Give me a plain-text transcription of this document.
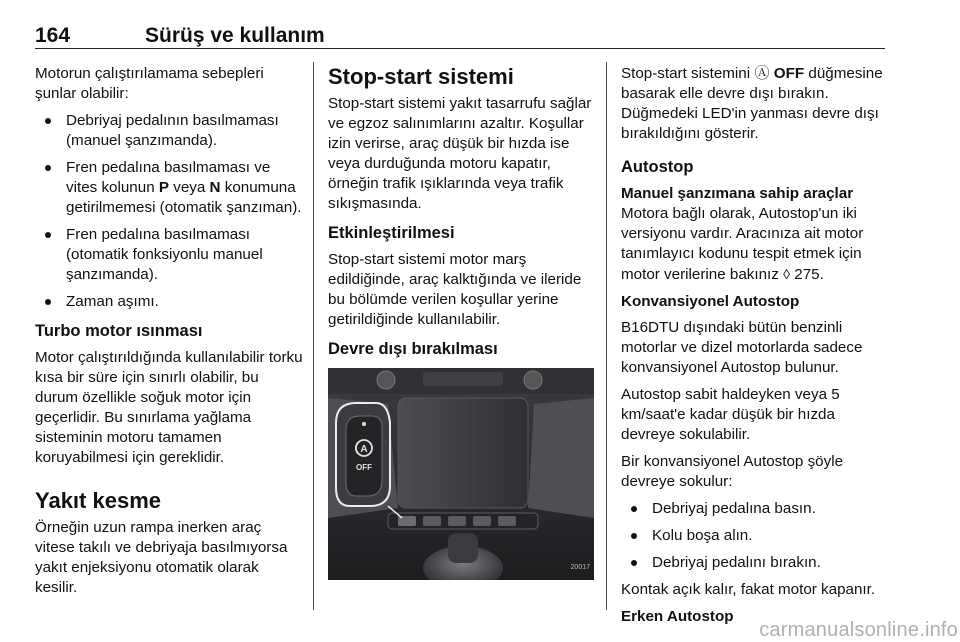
164	Sürüş ve kullanım

Motorun çalıştırılamama sebepleri şunlar olabilir:

Debriyaj pedalının basılmaması (manuel şanzımanda).
Fren pedalına basılmaması ve vites kolunun P veya N konumuna getirilmemesi (otomatik şanzıman).
Fren pedalına basılmaması (otomatik fonksiyonlu manuel şanzımanda).
Zaman aşımı.
Turbo motor ısınması

Motor çalıştırıldığında kullanılabilir torku kısa bir süre için sınırlı olabilir, bu durum özellikle soğuk motor için geçerlidir. Bu sınırlama yağlama sisteminin motoru tamamen koruyabilmesi için gereklidir.

Yakıt kesme

Örneğin uzun rampa inerken araç vitese takılı ve debriyaja basılmıyorsa yakıt enjeksiyonu otomatik olarak kesilir.

Stop-start sistemi

Stop-start sistemi yakıt tasarrufu sağlar ve egzoz salınımlarını azaltır. Koşullar izin verirse, araç düşük bir hızda ise veya durduğunda motoru kapatır, örneğin trafik ışıklarında veya trafik sıkışmasında.

Etkinleştirilmesi

Stop-start sistemi motor marş edildiğinde, araç kalktığında ve ileride bu bölümde verilen koşullar yerine getirildiğinde kullanılabilir.

Devre dışı bırakılması
A
OFF
20017

Stop-start sistemini Ⓐ OFF düğmesine basarak elle devre dışı bırakın. Düğmedeki LED'in yanması devre dışı bırakıldığını gösterir.

Autostop
Manuel şanzımana sahip araçlar

Motora bağlı olarak, Autostop'un iki versiyonu vardır. Aracınıza ait motor tanımlayıcı kodunu tespit etmek için motor verilerine bakınız ◊ 275.

Konvansiyonel Autostop

B16DTU dışındaki bütün benzinli motorlar ve dizel motorlarda sadece konvansiyonel Autostop bulunur.

Autostop sabit haldeyken veya 5 km/saat'e kadar düşük bir hızda devreye sokulabilir.

Bir konvansiyonel Autostop şöyle devreye sokulur:

Debriyaj pedalına basın.
Kolu boşa alın.
Debriyaj pedalını bırakın.

Kontak açık kalır, fakat motor kapanır.

Erken Autostop
carmanualsonline.info
